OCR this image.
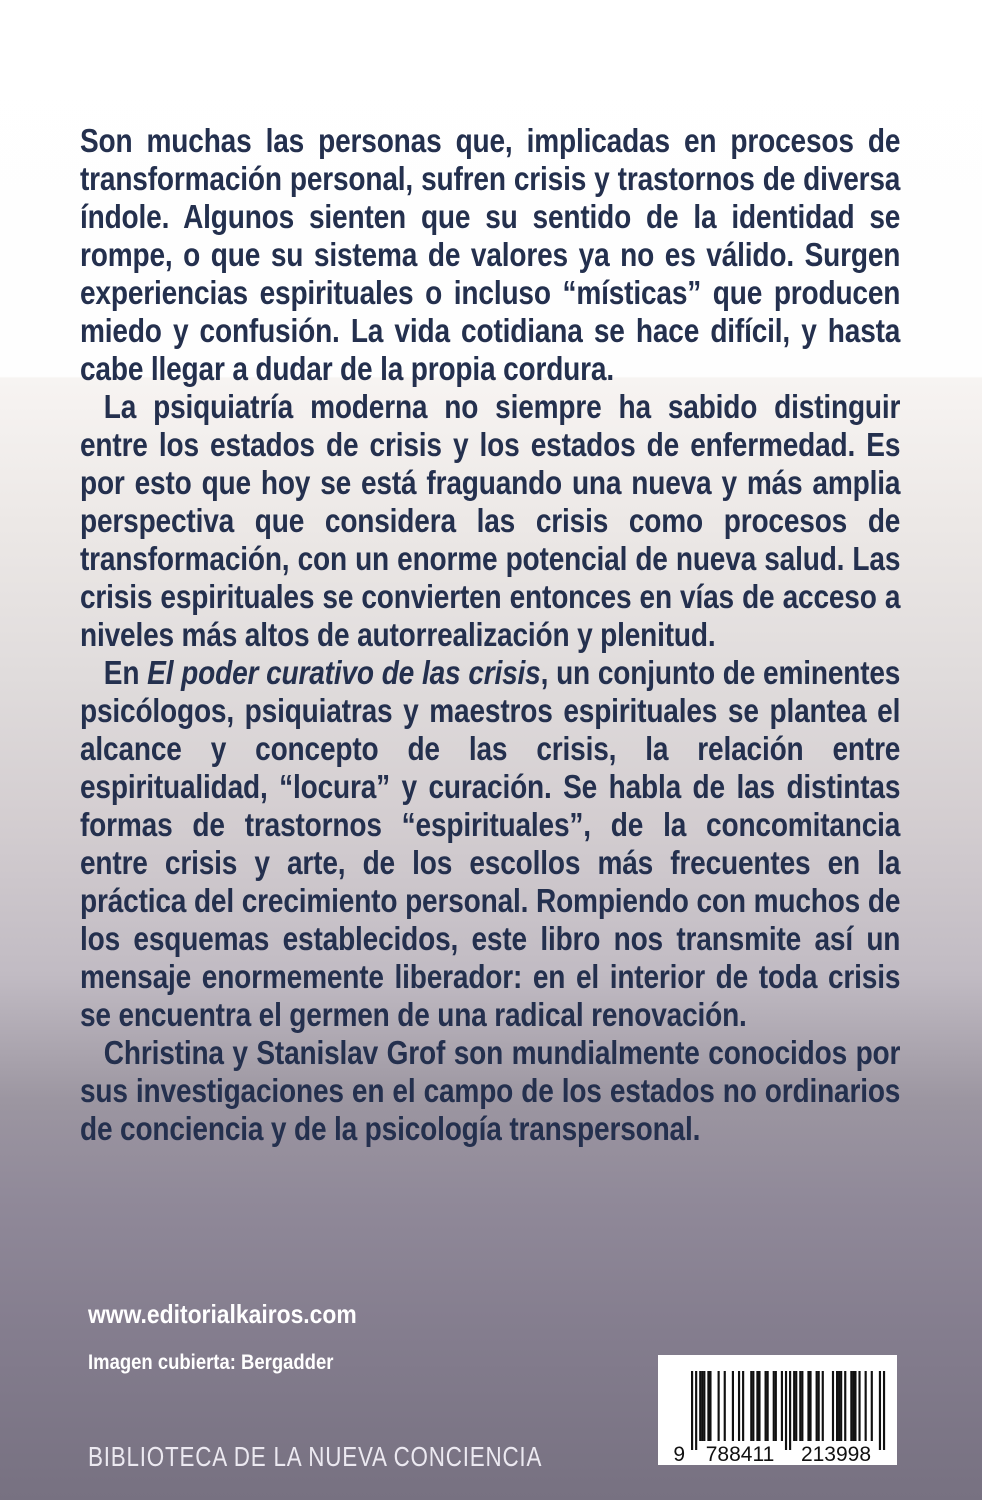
Son muchas las personas que, implicadas en procesos de transformación personal, sufren crisis y trastornos de diversa índole. Algunos sienten que su sentido de la identidad se rompe, o que su sistema de valores ya no es válido. Surgen experiencias espirituales o incluso “místicas” que producen miedo y confusión. La vida cotidiana se hace difícil, y hasta cabe llegar a dudar de la propia cordura.

La psiquiatría moderna no siempre ha sabido distinguir entre los estados de crisis y los estados de enfermedad. Es por esto que hoy se está fraguando una nueva y más amplia perspectiva que considera las crisis como procesos de transformación, con un enorme potencial de nueva salud. Las crisis espirituales se convierten entonces en vías de acceso a niveles más altos de autorrealización y plenitud.

En El poder curativo de las crisis, un conjunto de eminentes psicólogos, psiquiatras y maestros espirituales se plantea el alcance y concepto de las crisis, la relación entre espiritualidad, “locura” y curación. Se habla de las distintas formas de trastornos “espirituales”, de la concomitancia entre crisis y arte, de los escollos más frecuentes en la práctica del crecimiento personal. Rompiendo con muchos de los esquemas establecidos, este libro nos transmite así un mensaje enormemente liberador: en el interior de toda crisis se encuentra el germen de una radical renovación.

Christina y Stanislav Grof son mundialmente conocidos por sus investigaciones en el campo de los estados no ordinarios de conciencia y de la psicología transpersonal.

www.editorialkairos.com
Imagen cubierta: Bergadder
9 788411 213998
BIBLIOTECA DE LA NUEVA CONCIENCIA
